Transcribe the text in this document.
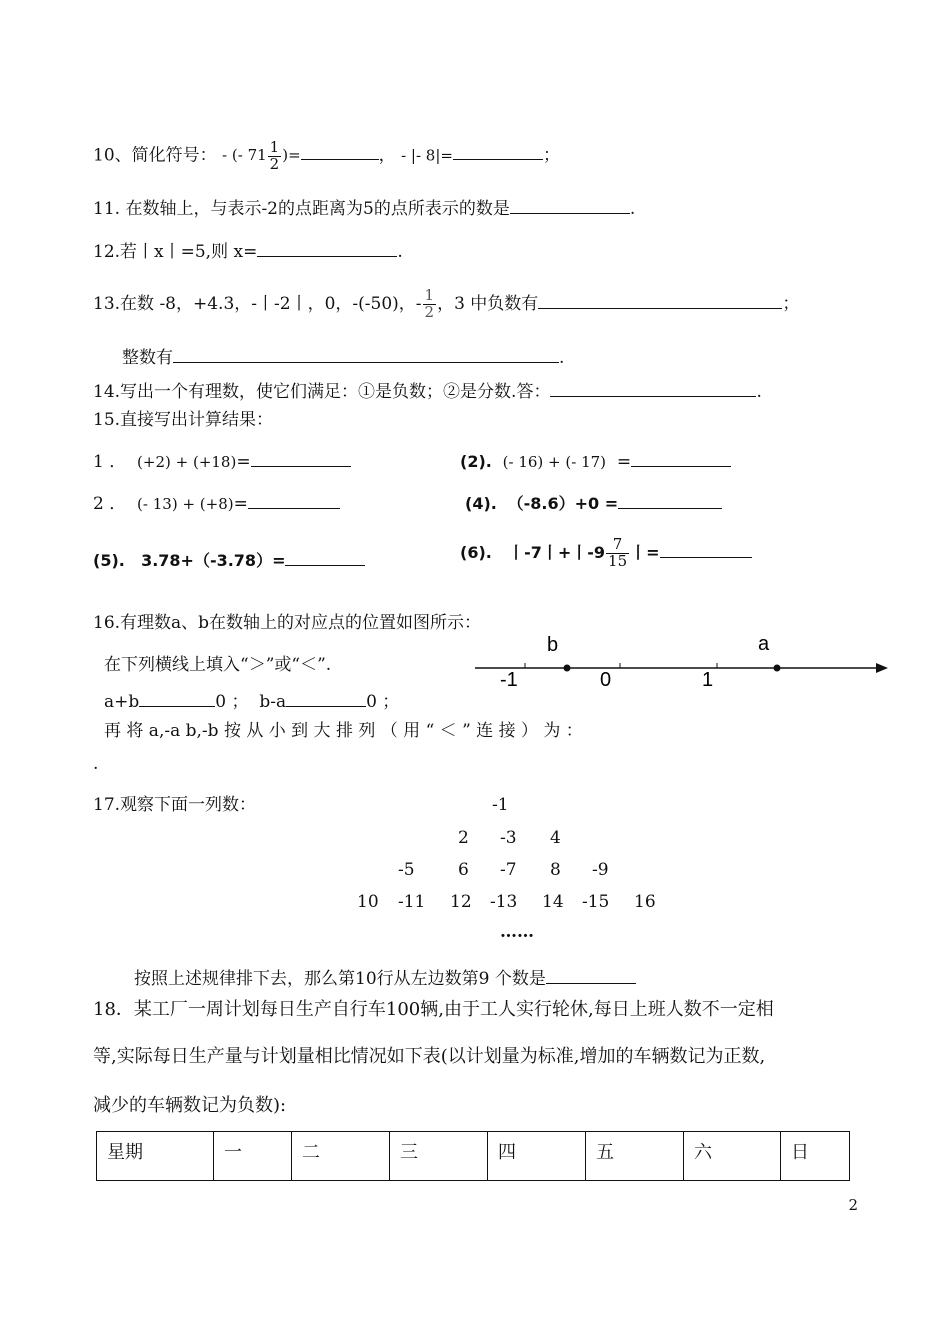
10、简化符号： - (- $71 \frac{1}{2}$ )=	， - |- 8|=	；
11. 在数轴上，与表示-2的点距离为5的点所表示的数是	.
12.若丨x丨=5,则 x=	.
13.在数 -8，+4.3，-丨-2丨，0，-(-50)，- $\frac{1}{2}$ ，3 中负数有	；
整数有	.
14.写出一个有理数，使它们满足：①是负数；②是分数.答：	.
15.直接写出计算结果：
1 ． (+2) + (+18)=	(2). (- 16) + (- 17) =
2 ． (- 13) + (+8)=	(4). （-8.6）+0 =
(5). 3.78+（-3.78）=	(6). 丨-7丨+丨$-9 \frac{7}{15}$ 丨=
16.有理数a、b在数轴上的对应点的位置如图所示：
在下列横线上填入“＞”或“＜”.
a+b	0 ； b-a	0 ；
再 将 a,-a b,-b 按 从 小 到 大 排 列 （ 用 “ ＜ ” 连 接 ） 为 ：
.
b	a
-1	0	1
17.观察下面一列数：	-1
2 -3 4
-5	6 -7 8 -9
10 -11 12 -13 14 -15 16
……
按照上述规律排下去，那么第10行从左边数第9 个数是
18．某工厂一周计划每日生产自行车100辆,由于工人实行轮休,每日上班人数不一定相
等,实际每日生产量与计划量相比情况如下表(以计划量为标准,增加的车辆数记为正数,
减少的车辆数记为负数):
星期	一	二	三	四	五	六	日
2
